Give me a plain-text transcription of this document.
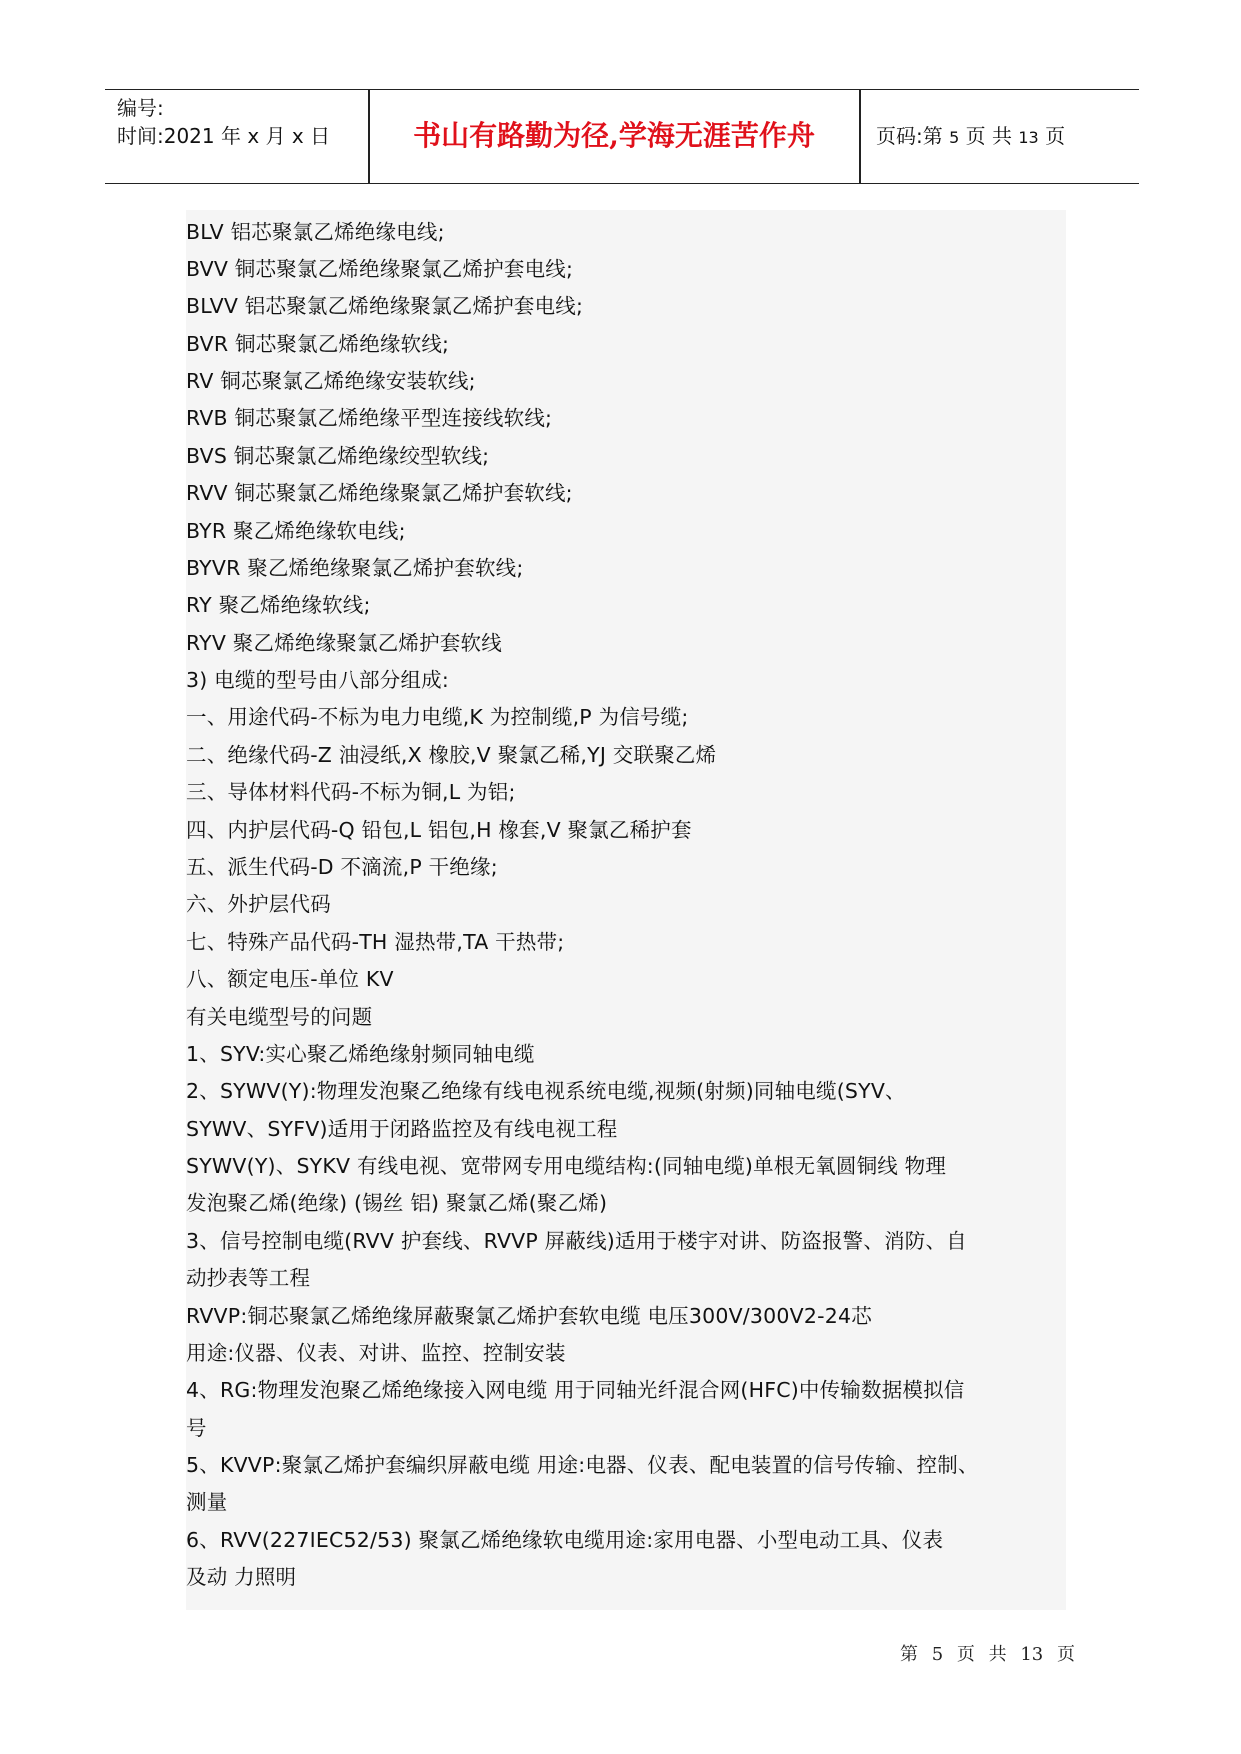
编号:
时间:2021 年 x 月 x 日	书山有路勤为径,学海无涯苦作舟	页码:第 5 页 共 13 页
BLV 铝芯聚氯乙烯绝缘电线;
BVV 铜芯聚氯乙烯绝缘聚氯乙烯护套电线;
BLVV 铝芯聚氯乙烯绝缘聚氯乙烯护套电线;
BVR 铜芯聚氯乙烯绝缘软线;
RV 铜芯聚氯乙烯绝缘安装软线;
RVB 铜芯聚氯乙烯绝缘平型连接线软线;
BVS 铜芯聚氯乙烯绝缘绞型软线;
RVV 铜芯聚氯乙烯绝缘聚氯乙烯护套软线;
BYR 聚乙烯绝缘软电线;
BYVR 聚乙烯绝缘聚氯乙烯护套软线;
RY 聚乙烯绝缘软线;
RYV 聚乙烯绝缘聚氯乙烯护套软线
3) 电缆的型号由八部分组成:
一、用途代码-不标为电力电缆,K 为控制缆,P 为信号缆;
二、绝缘代码-Z 油浸纸,X 橡胶,V 聚氯乙稀,YJ 交联聚乙烯
三、导体材料代码-不标为铜,L 为铝;
四、内护层代码-Q 铅包,L 铝包,H 橡套,V 聚氯乙稀护套
五、派生代码-D 不滴流,P 干绝缘;
六、外护层代码
七、特殊产品代码-TH 湿热带,TA 干热带;
八、额定电压-单位 KV
有关电缆型号的问题
1、SYV:实心聚乙烯绝缘射频同轴电缆
2、SYWV(Y):物理发泡聚乙绝缘有线电视系统电缆,视频(射频)同轴电缆(SYV、
SYWV、SYFV)适用于闭路监控及有线电视工程
SYWV(Y)、SYKV 有线电视、宽带网专用电缆结构:(同轴电缆)单根无氧圆铜线 物理
发泡聚乙烯(绝缘) (锡丝 铝) 聚氯乙烯(聚乙烯)
3、信号控制电缆(RVV 护套线、RVVP 屏蔽线)适用于楼宇对讲、防盗报警、消防、自
动抄表等工程
RVVP:铜芯聚氯乙烯绝缘屏蔽聚氯乙烯护套软电缆 电压300V/300V2-24芯
用途:仪器、仪表、对讲、监控、控制安装
4、RG:物理发泡聚乙烯绝缘接入网电缆 用于同轴光纤混合网(HFC)中传输数据模拟信
号
5、KVVP:聚氯乙烯护套编织屏蔽电缆 用途:电器、仪表、配电装置的信号传输、控制、
测量
6、RVV(227IEC52/53) 聚氯乙烯绝缘软电缆用途:家用电器、小型电动工具、仪表
及动 力照明
第 5 页 共 13 页
